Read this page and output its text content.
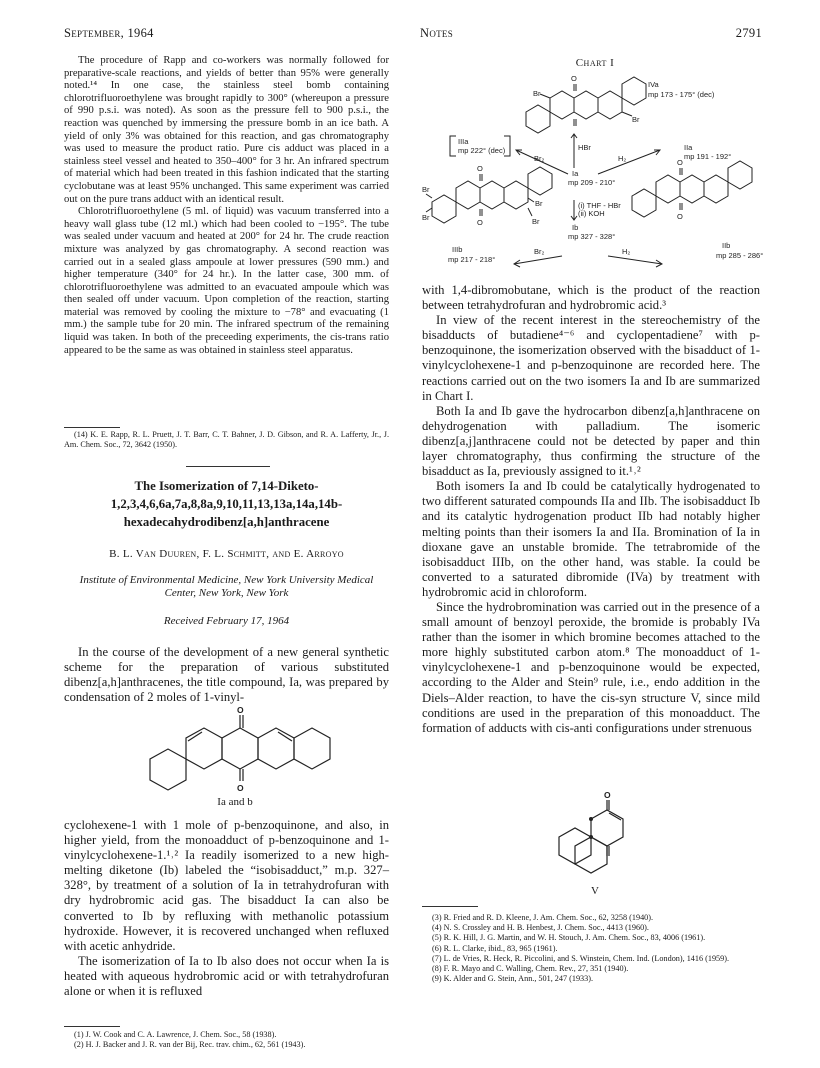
September, 1964	Notes	2791

The procedure of Rapp and co-workers was normally followed for preparative-scale reactions, and yields of better than 95% were generally noted.¹⁴ In one case, the stainless steel bomb containing chlorotrifluoroethylene was brought rapidly to 300° (whereupon a pressure of 990 p.s.i. was noted). As soon as the pressure fell to 900 p.s.i., the reaction was quenched by immersing the pressure bomb in an ice bath. A yield of only 3% was obtained for this reaction, and gas chromatography was used to measure the product ratio. Pure cis adduct was placed in a stainless steel vessel and heated to 350–400° for 3 hr. An infrared spectrum of material which had been treated in this fashion indicated that the starting cyclobutane was at least 95% unchanged. This same experiment was carried out on the pure trans adduct with an identical result.

Chlorotrifluoroethylene (5 ml. of liquid) was vacuum transferred into a heavy wall glass tube (12 ml.) which had been cooled to −195°. The tube was sealed under vacuum and heated at 200° for 24 hr. The crude reaction mixture was analyzed by gas chromatography. A second reaction was carried out in a sealed glass ampoule at lower pressures (590 mm.) and higher temperature (340° for 24 hr.). In the latter case, 300 mm. of chlorotrifluoroethylene was admitted to an evacuated ampoule which was then sealed off under vacuum. Upon completion of the reaction, starting material was removed by cooling the mixture to −78° and evacuating (1 mm.) the sample tube for 20 min. The infrared spectrum of the remaining liquid was taken. In both of the preceeding experiments, the cis-trans ratio appeared to be the same as was obtained in stainless steel apparatus.

(14) K. E. Rapp, R. L. Pruett, J. T. Barr, C. T. Bahner, J. D. Gibson, and R. A. Lafferty, Jr., J. Am. Chem. Soc., 72, 3642 (1950).

The Isomerization of 7,14-Diketo-
1,2,3,4,6,6a,7a,8,8a,9,10,11,13,13a,14a,14b-
hexadecahydrodibenz[a,h]anthracene
B. L. Van Duuren, F. L. Schmitt, and E. Arroyo
Institute of Environmental Medicine, New York University Medical
Center, New York, New York
Received February 17, 1964

In the course of the development of a new general synthetic scheme for the preparation of various substituted dibenz[a,h]anthracenes, the title compound, Ia, was prepared by condensation of 2 moles of 1-vinyl-

O
O
Ia and b

cyclohexene-1 with 1 mole of p-benzoquinone, and also, in higher yield, from the monoadduct of p-benzoquinone and 1-vinylcyclohexene-1.¹˒² Ia readily isomerized to a new high-melting diketone (Ib) labeled the “isobisadduct,” m.p. 327–328°, by treatment of a solution of Ia in tetrahydrofuran with dry hydrobromic acid gas. The bisadduct Ia can also be converted to Ib by refluxing with methanolic potassium hydroxide. However, it is recovered unchanged when refluxed with acetic anhydride.

The isomerization of Ia to Ib also does not occur when Ia is heated with aqueous hydrobromic acid or with tetrahydrofuran alone or when it is refluxed

(1) J. W. Cook and C. A. Lawrence, J. Chem. Soc., 58 (1938).

(2) H. J. Backer and J. R. van der Bij, Rec. trav. chim., 62, 561 (1943).

Chart I
IVa
mp 173 - 175° (dec)
Br
Br
O
IIIa
mp 222° (dec)	IIa
mp 191 - 192°
Br₂
HBr
H₂
Ia
mp 209 - 210°
(i) THF - HBr
(ii) KOH
Ib
mp 327 - 328°
Br
Br
Br
Br
O
O
O
O
IIIb
mp 217 - 218°
Br₂	H₂
IIb
mp 285 - 286°

with 1,4-dibromobutane, which is the product of the reaction between tetrahydrofuran and hydrobromic acid.³

In view of the recent interest in the stereochemistry of the bisadducts of butadiene⁴⁻⁶ and cyclopentadiene⁷ with p-benzoquinone, the isomerization observed with the bisadduct of 1-vinylcyclohexene-1 and p-benzoquinone are recorded here. The reactions carried out on the two isomers Ia and Ib are summarized in Chart I.

Both Ia and Ib gave the hydrocarbon dibenz[a,h]anthracene on dehydrogenation with palladium. The isomeric dibenz[a,j]anthracene could not be detected by paper and thin layer chromatography, thus confirming the structure of the bisadduct as Ia, previously assigned to it.¹˒²

Both isomers Ia and Ib could be catalytically hydrogenated to two different saturated compounds IIa and IIb. The isobisadduct Ib and its catalytic hydrogenation product IIb had notably higher melting points than their isomers Ia and IIa. Bromination of Ia in dioxane gave an unstable bromide. The tetrabromide of the isobisadduct IIIb, on the other hand, was stable. Ia could be converted to a saturated dibromide (IVa) by treatment with hydrobromic acid in chloroform.

Since the hydrobromination was carried out in the presence of a small amount of benzoyl peroxide, the bromide is probably IVa rather than the isomer in which bromine becomes attached to the more highly substituted carbon atom.⁸ The monoadduct of 1-vinylcyclohexene-1 and p-benzoquinone would be expected, according to the Alder and Stein⁹ rule, i.e., endo addition in the Diels–Alder reaction, to have the cis-syn structure V, since mild conditions are used in the preparation of this monoadduct. The formation of adducts with cis-anti configurations under strenuous

O
V

(3) R. Fried and R. D. Kleene, J. Am. Chem. Soc., 62, 3258 (1940).

(4) N. S. Crossley and H. B. Henbest, J. Chem. Soc., 4413 (1960).

(5) R. K. Hill, J. G. Martin, and W. H. Stouch, J. Am. Chem. Soc., 83, 4006 (1961).

(6) R. L. Clarke, ibid., 83, 965 (1961).

(7) L. de Vries, R. Heck, R. Piccolini, and S. Winstein, Chem. Ind. (London), 1416 (1959).

(8) F. R. Mayo and C. Walling, Chem. Rev., 27, 351 (1940).

(9) K. Alder and G. Stein, Ann., 501, 247 (1933).
